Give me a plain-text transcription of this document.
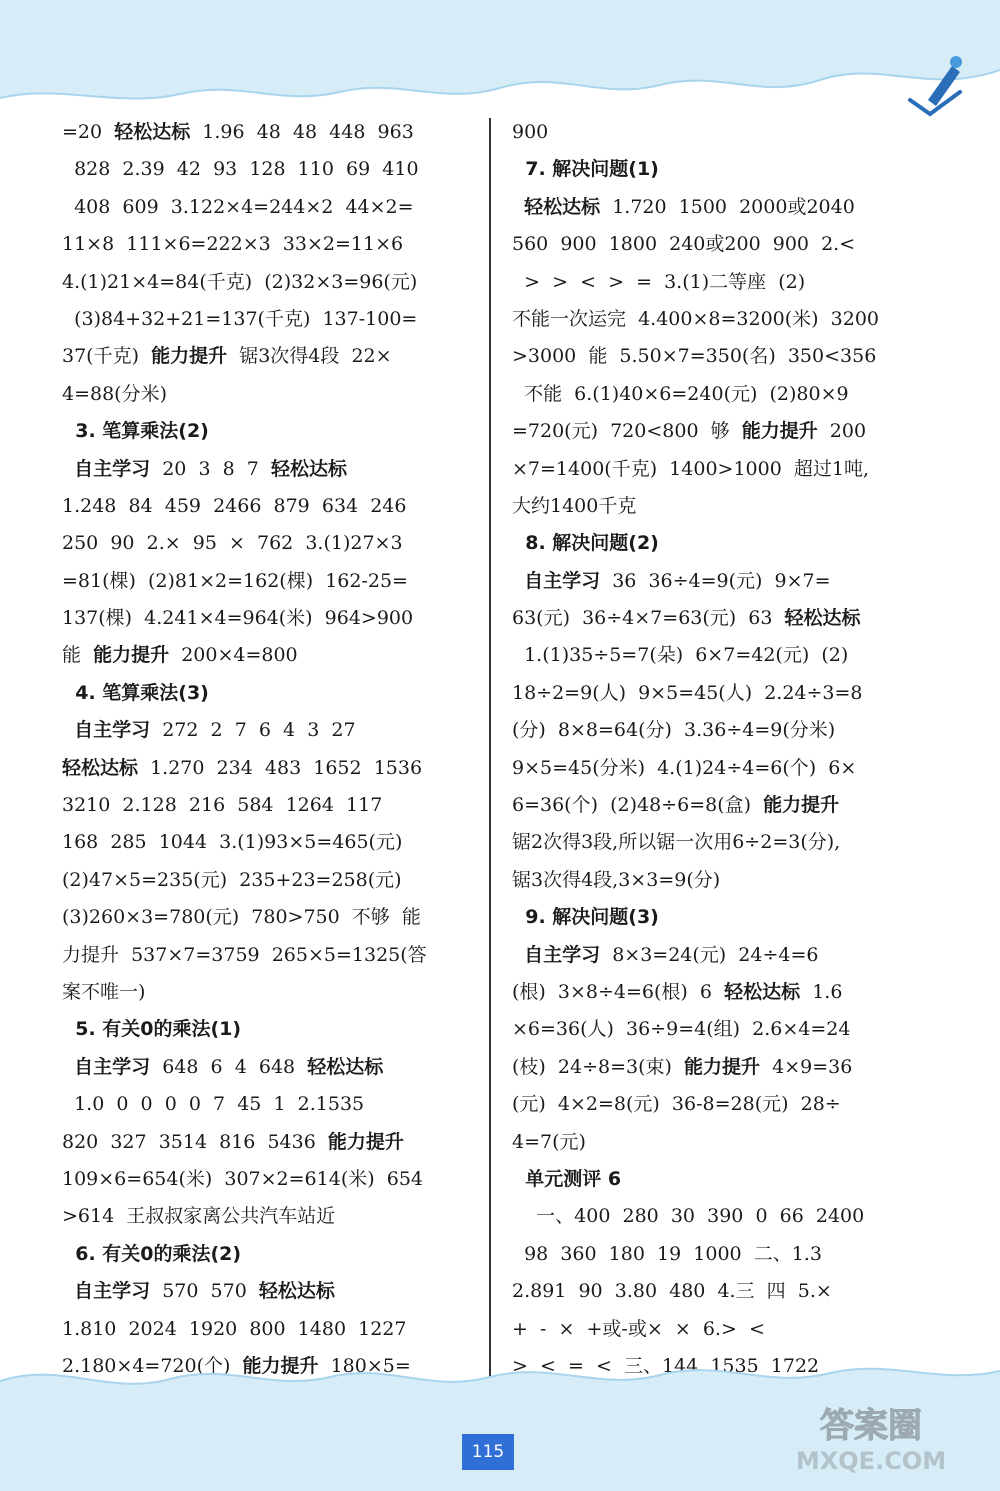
=20  轻松达标  1.96  48  48  448  963
828  2.39  42  93  128  110  69  410
408  609  3.122×4=244×2  44×2=
11×8  111×6=222×3  33×2=11×6
4.(1)21×4=84(千克)  (2)32×3=96(元)
(3)84+32+21=137(千克)  137-100=
37(千克)  能力提升  锯3次得4段  22×
4=88(分米)
3. 笔算乘法(2)
自主学习  20  3  8  7  轻松达标
1.248  84  459  2466  879  634  246
250  90  2.×  95  ×  762  3.(1)27×3
=81(棵)  (2)81×2=162(棵)  162-25=
137(棵)  4.241×4=964(米)  964>900
能  能力提升  200×4=800
4. 笔算乘法(3)
自主学习  272  2  7  6  4  3  27
轻松达标  1.270  234  483  1652  1536
3210  2.128  216  584  1264  117
168  285  1044  3.(1)93×5=465(元)
(2)47×5=235(元)  235+23=258(元)
(3)260×3=780(元)  780>750  不够  能
力提升  537×7=3759  265×5=1325(答
案不唯一)
5. 有关0的乘法(1)
自主学习  648  6  4  648  轻松达标
1.0  0  0  0  0  7  45  1  2.1535
820  327  3514  816  5436  能力提升
109×6=654(米)  307×2=614(米)  654
>614  王叔叔家离公共汽车站近
6. 有关0的乘法(2)
自主学习  570  570  轻松达标
1.810  2024  1920  800  1480  1227
2.180×4=720(个)  能力提升  180×5=
900
7. 解决问题(1)
轻松达标  1.720  1500  2000或2040
560  900  1800  240或200  900  2.<
>  >  <  >  =  3.(1)二等座  (2)
不能一次运完  4.400×8=3200(米)  3200
>3000  能  5.50×7=350(名)  350<356
不能  6.(1)40×6=240(元)  (2)80×9
=720(元)  720<800  够  能力提升  200
×7=1400(千克)  1400>1000  超过1吨,
大约1400千克
8. 解决问题(2)
自主学习  36  36÷4=9(元)  9×7=
63(元)  36÷4×7=63(元)  63  轻松达标
1.(1)35÷5=7(朵)  6×7=42(元)  (2)
18÷2=9(人)  9×5=45(人)  2.24÷3=8
(分)  8×8=64(分)  3.36÷4=9(分米)
9×5=45(分米)  4.(1)24÷4=6(个)  6×
6=36(个)  (2)48÷6=8(盒)  能力提升
锯2次得3段,所以锯一次用6÷2=3(分),
锯3次得4段,3×3=9(分)
9. 解决问题(3)
自主学习  8×3=24(元)  24÷4=6
(根)  3×8÷4=6(根)  6  轻松达标  1.6
×6=36(人)  36÷9=4(组)  2.6×4=24
(枝)  24÷8=3(束)  能力提升  4×9=36
(元)  4×2=8(元)  36-8=28(元)  28÷
4=7(元)
单元测评 6
一、400  280  30  390  0  66  2400
98  360  180  19  1000  二、1.3
2.891  90  3.80  480  4.三  四  5.×
+  -  ×  +或-或×  ×  6.>  <
>  <  =  <  三、144  1535  1722
115
答案圈
MXQE.COM
